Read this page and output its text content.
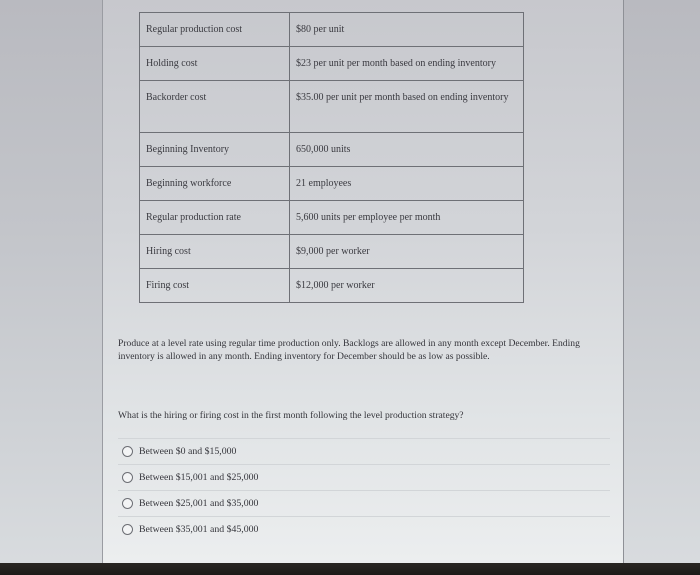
Regular production cost	$80 per unit
Holding cost	$23 per unit per month based on ending inventory
Backorder cost	$35.00 per unit per month based on ending inventory
Beginning Inventory	650,000 units
Beginning workforce	21 employees
Regular production rate	5,600 units per employee per month
Hiring cost	$9,000 per worker
Firing cost	$12,000 per worker

Produce at a level rate using regular time production only. Backlogs are allowed in any month except December. Ending inventory is allowed in any month. Ending inventory for December should be as low as possible.

What is the hiring or firing cost in the first month following the level production strategy?

Between $0 and $15,000
Between $15,001 and $25,000
Between $25,001 and $35,000
Between $35,001 and $45,000
